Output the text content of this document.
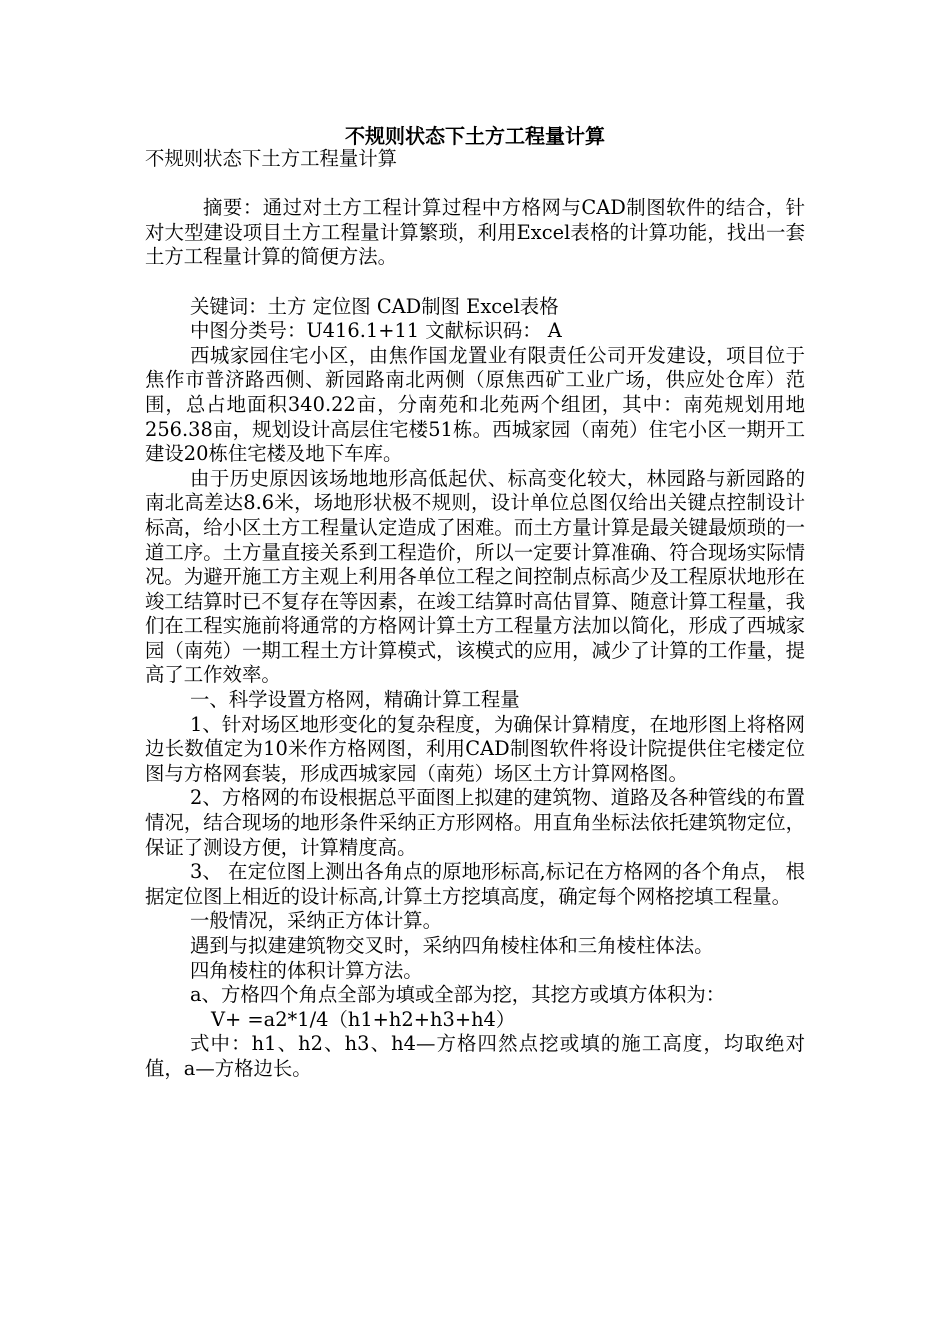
不规则状态下土方工程量计算

不规则状态下土方工程量计算

摘要：通过对土方工程计算过程中方格网与CAD制图软件的结合，针对大型建设项目土方工程量计算繁琐，利用Excel表格的计算功能，找出一套土方工程量计算的简便方法。

关键词：土方 定位图 CAD制图 Excel表格

中图分类号：U416.1+11 文献标识码： A

西城家园住宅小区，由焦作国龙置业有限责任公司开发建设，项目位于焦作市普济路西侧、新园路南北两侧（原焦西矿工业广场，供应处仓库）范围，总占地面积340.22亩，分南苑和北苑两个组团，其中：南苑规划用地256.38亩，规划设计高层住宅楼51栋。西城家园（南苑）住宅小区一期开工建设20栋住宅楼及地下车库。

由于历史原因该场地地形高低起伏、标高变化较大，林园路与新园路的南北高差达8.6米，场地形状极不规则，设计单位总图仅给出关键点控制设计标高，给小区土方工程量认定造成了困难。而土方量计算是最关键最烦琐的一道工序。土方量直接关系到工程造价，所以一定要计算准确、符合现场实际情况。为避开施工方主观上利用各单位工程之间控制点标高少及工程原状地形在竣工结算时已不复存在等因素，在竣工结算时高估冒算、随意计算工程量，我们在工程实施前将通常的方格网计算土方工程量方法加以简化，形成了西城家园（南苑）一期工程土方计算模式，该模式的应用，减少了计算的工作量，提高了工作效率。

一、科学设置方格网，精确计算工程量

1、针对场区地形变化的复杂程度，为确保计算精度，在地形图上将格网边长数值定为10米作方格网图，利用CAD制图软件将设计院提供住宅楼定位图与方格网套装，形成西城家园（南苑）场区土方计算网格图。

2、方格网的布设根据总平面图上拟建的建筑物、道路及各种管线的布置情况，结合现场的地形条件采纳正方形网格。用直角坐标法依托建筑物定位，保证了测设方便，计算精度高。

3、 在定位图上测出各角点的原地形标高,标记在方格网的各个角点， 根据定位图上相近的设计标高,计算土方挖填高度，确定每个网格挖填工程量。

一般情况，采纳正方体计算。

遇到与拟建建筑物交叉时，采纳四角棱柱体和三角棱柱体法。

四角棱柱的体积计算方法。

a、方格四个角点全部为填或全部为挖，其挖方或填方体积为：

V+ =a2*1/4（h1+h2+h3+h4）

式中：h1、h2、h3、h4—方格四然点挖或填的施工高度，均取绝对值，a—方格边长。
